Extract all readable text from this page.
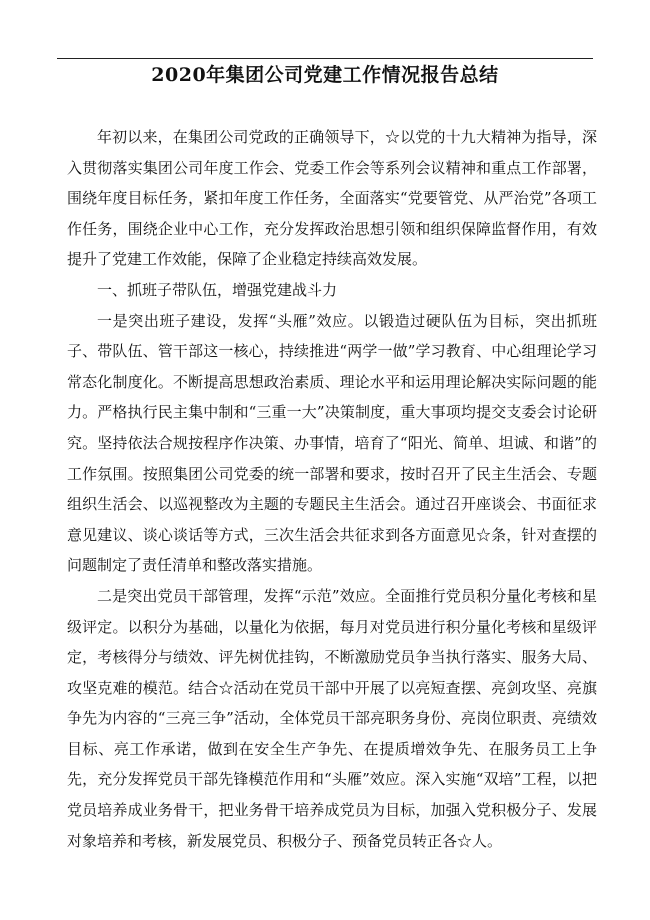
2020年集团公司党建工作情况报告总结

年初以来，在集团公司党政的正确领导下，☆以党的十九大精神为指导，深入贯彻落实集团公司年度工作会、党委工作会等系列会议精神和重点工作部署，围绕年度目标任务，紧扣年度工作任务，全面落实“党要管党、从严治党”各项工作任务，围绕企业中心工作，充分发挥政治思想引领和组织保障监督作用，有效提升了党建工作效能，保障了企业稳定持续高效发展。

一、抓班子带队伍，增强党建战斗力

一是突出班子建设，发挥“头雁”效应。以锻造过硬队伍为目标，突出抓班子、带队伍、管干部这一核心，持续推进“两学一做”学习教育、中心组理论学习常态化制度化。不断提高思想政治素质、理论水平和运用理论解决实际问题的能力。严格执行民主集中制和“三重一大”决策制度，重大事项均提交支委会讨论研究。坚持依法合规按程序作决策、办事情，培育了“阳光、简单、坦诚、和谐”的工作氛围。按照集团公司党委的统一部署和要求，按时召开了民主生活会、专题组织生活会、以巡视整改为主题的专题民主生活会。通过召开座谈会、书面征求意见建议、谈心谈话等方式，三次生活会共征求到各方面意见☆条，针对查摆的问题制定了责任清单和整改落实措施。

二是突出党员干部管理，发挥“示范”效应。全面推行党员积分量化考核和星级评定。以积分为基础，以量化为依据，每月对党员进行积分量化考核和星级评定，考核得分与绩效、评先树优挂钩，不断激励党员争当执行落实、服务大局、攻坚克难的模范。结合☆活动在党员干部中开展了以亮短查摆、亮剑攻坚、亮旗争先为内容的“三亮三争”活动，全体党员干部亮职务身份、亮岗位职责、亮绩效目标、亮工作承诺，做到在安全生产争先、在提质增效争先、在服务员工上争先，充分发挥党员干部先锋模范作用和“头雁”效应。深入实施“双培”工程，以把党员培养成业务骨干，把业务骨干培养成党员为目标，加强入党积极分子、发展对象培养和考核，新发展党员、积极分子、预备党员转正各☆人。
